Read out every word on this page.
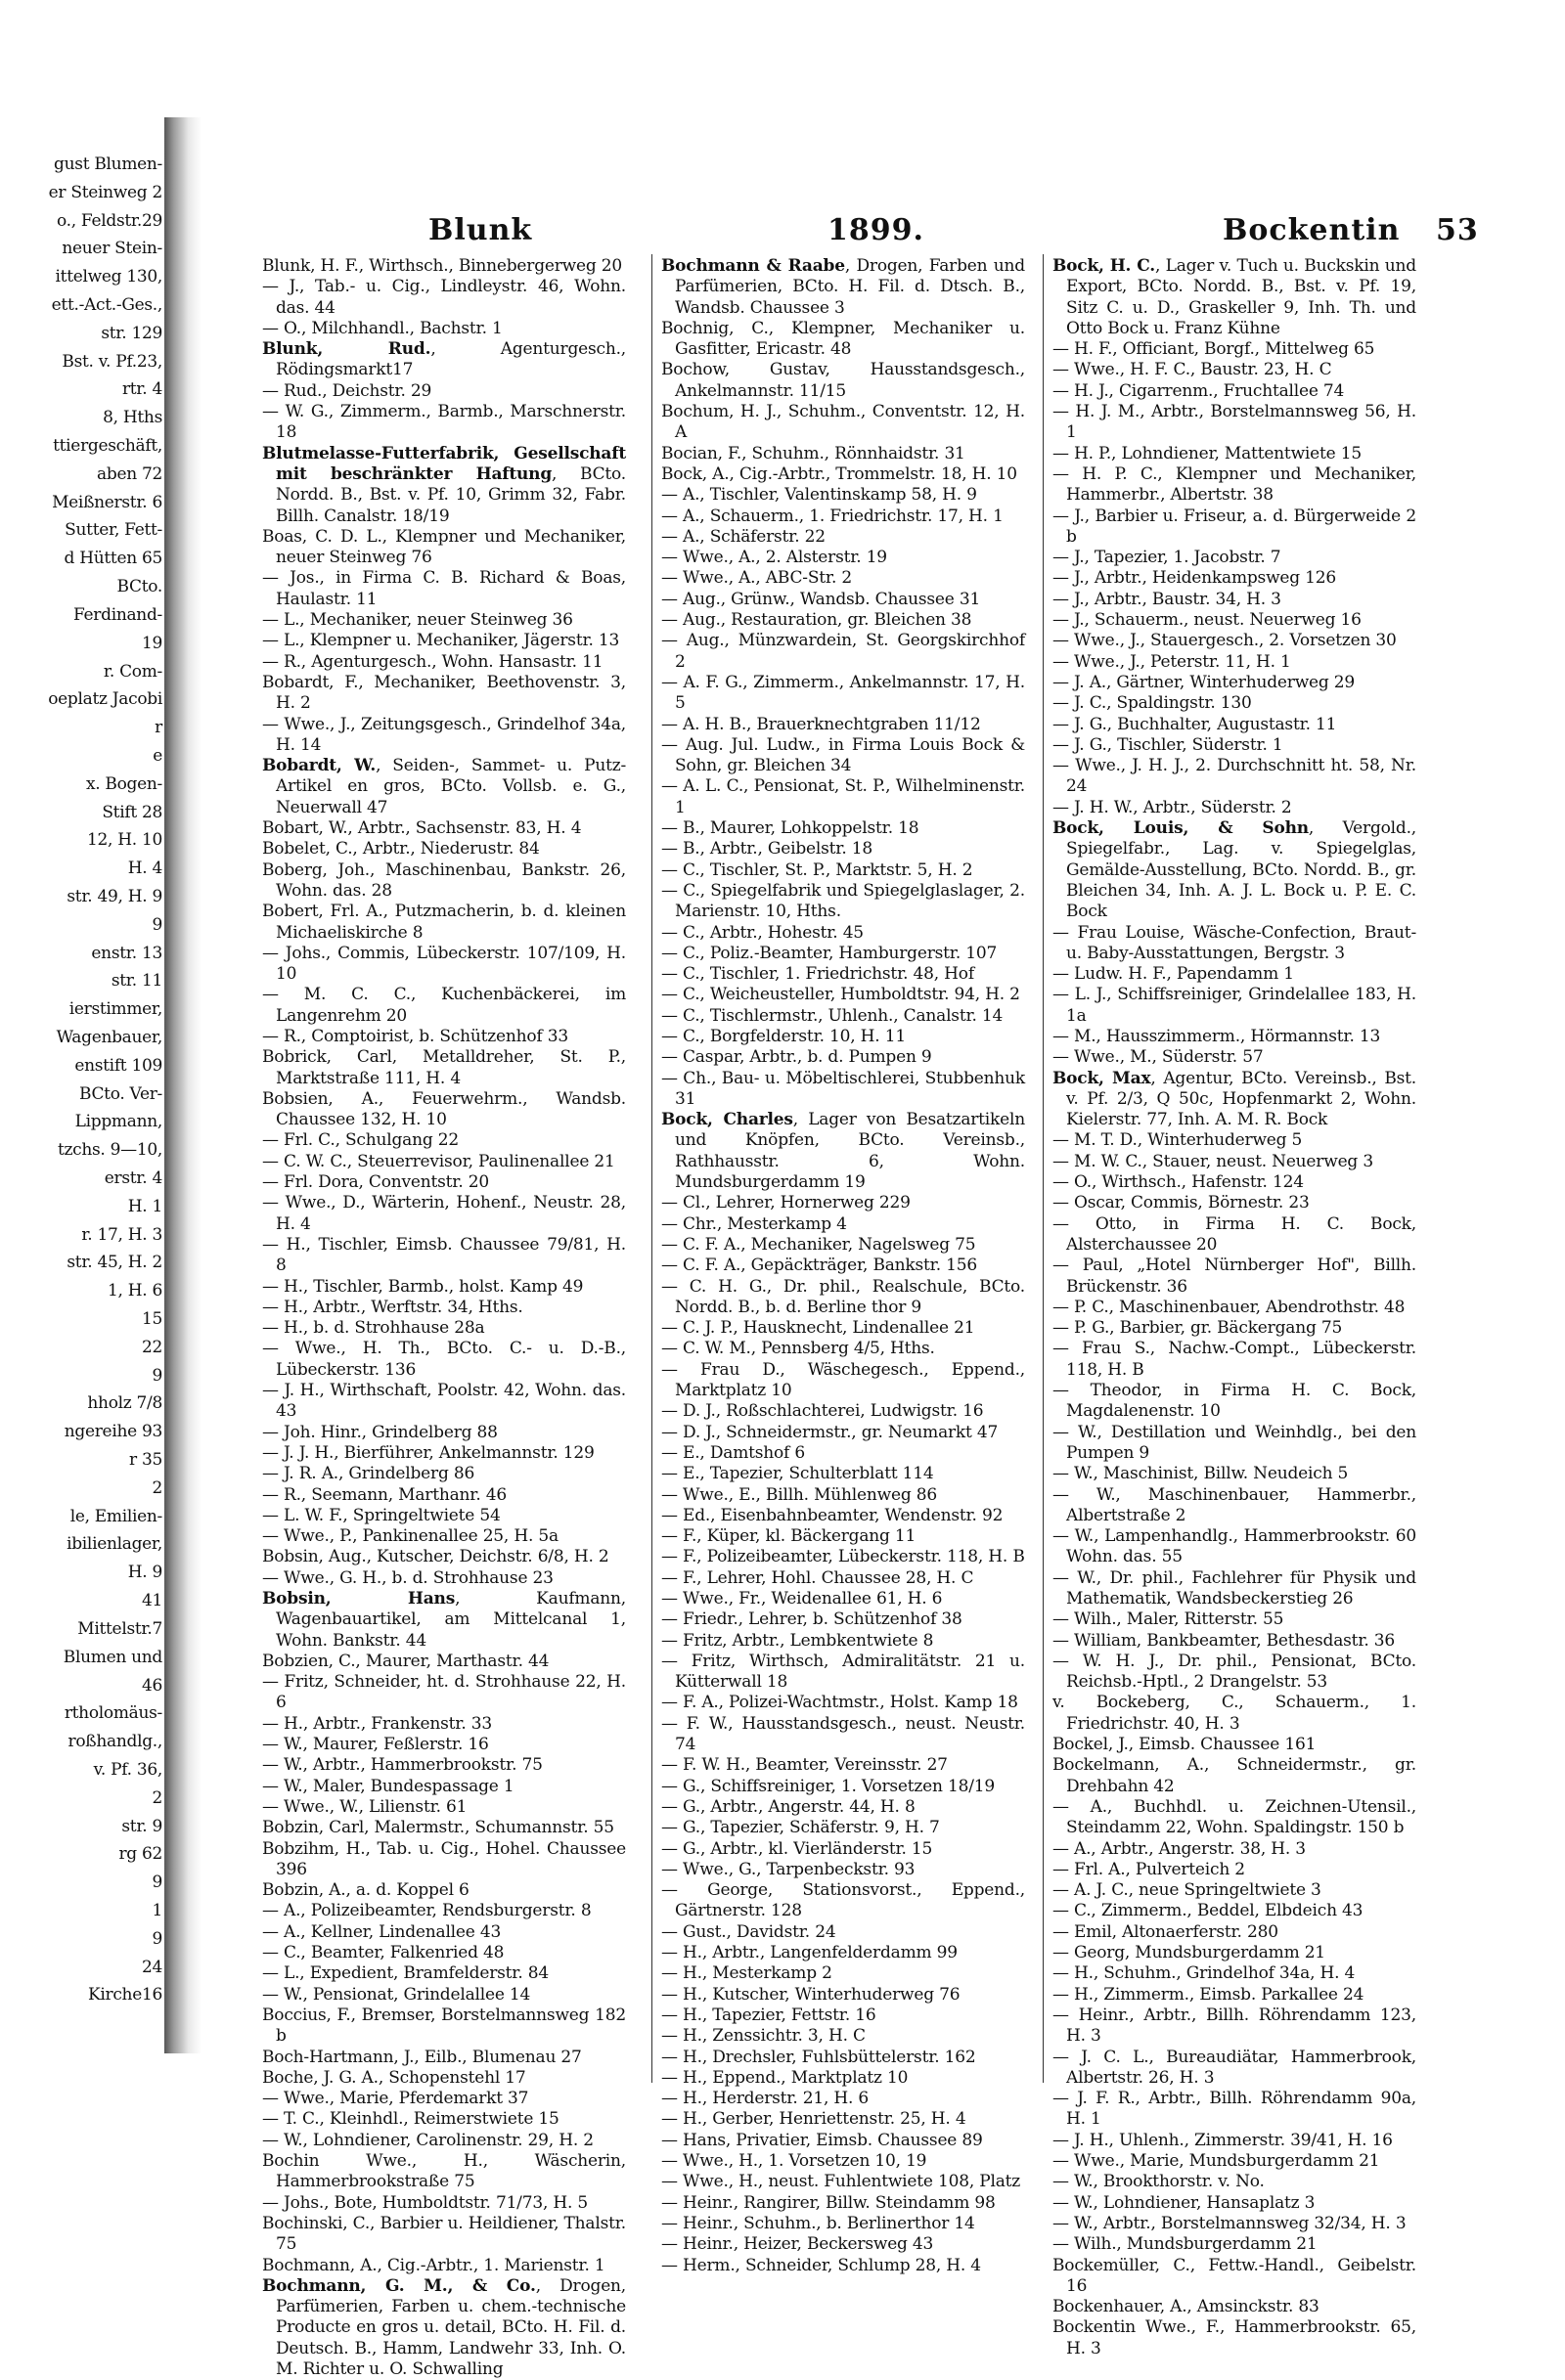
gust Blumen-
er Steinweg 2
o., Feldstr.29
neuer Stein-
ittelweg 130,
ett.-Act.-Ges.,
str. 129
Bst. v. Pf.23,
rtr. 4
8, Hths
ttiergeschäft,
aben 72
Meißnerstr. 6
Sutter, Fett-
d Hütten 65
BCto.
Ferdinand-
19
r. Com-
oeplatz Jacobi
r
e
x. Bogen-
Stift 28
12, H. 10
H. 4
str. 49, H. 9
9
enstr. 13
str. 11
ierstimmer,
Wagenbauer,
enstift 109
BCto. Ver-
Lippmann,
tzchs. 9—10,
erstr. 4
H. 1
r. 17, H. 3
str. 45, H. 2
1, H. 6
15
22
9
hholz 7/8
ngereihe 93
r 35
2
le, Emilien-
ibilienlager,
H. 9
41
Mittelstr.7
Blumen und
46
rtholomäus-
roßhandlg.,
v. Pf. 36,
2
str. 9
rg 62
9
1
9
24
Kirche16
Blunk	1899.	Bockentin 53

Blunk, H. F., Wirthsch., Binnebergerweg 20

— J., Tab.- u. Cig., Lindleystr. 46, Wohn. das. 44

— O., Milchhandl., Bachstr. 1

Blunk, Rud., Agenturgesch., Rödingsmarkt17

— Rud., Deichstr. 29

— W. G., Zimmerm., Barmb., Marschnerstr. 18

Blutmelasse-Futterfabrik, Gesellschaft mit beschränkter Haftung, BCto. Nordd. B., Bst. v. Pf. 10, Grimm 32, Fabr. Billh. Canalstr. 18/19

Boas, C. D. L., Klempner und Mechaniker, neuer Steinweg 76

— Jos., in Firma C. B. Richard & Boas, Haulastr. 11

— L., Mechaniker, neuer Steinweg 36

— L., Klempner u. Mechaniker, Jägerstr. 13

— R., Agenturgesch., Wohn. Hansastr. 11

Bobardt, F., Mechaniker, Beethovenstr. 3, H. 2

— Wwe., J., Zeitungsgesch., Grindelhof 34a, H. 14

Bobardt, W., Seiden-, Sammet- u. Putz-Artikel en gros, BCto. Vollsb. e. G., Neuerwall 47

Bobart, W., Arbtr., Sachsenstr. 83, H. 4

Bobelet, C., Arbtr., Niederustr. 84

Boberg, Joh., Maschinenbau, Bankstr. 26, Wohn. das. 28

Bobert, Frl. A., Putzmacherin, b. d. kleinen Michaeliskirche 8

— Johs., Commis, Lübeckerstr. 107/109, H. 10

— M. C. C., Kuchenbäckerei, im Langenrehm 20

— R., Comptoirist, b. Schützenhof 33

Bobrick, Carl, Metalldreher, St. P., Marktstraße 111, H. 4

Bobsien, A., Feuerwehrm., Wandsb. Chaussee 132, H. 10

— Frl. C., Schulgang 22

— C. W. C., Steuerrevisor, Paulinenallee 21

— Frl. Dora, Conventstr. 20

— Wwe., D., Wärterin, Hohenf., Neustr. 28, H. 4

— H., Tischler, Eimsb. Chaussee 79/81, H. 8

— H., Tischler, Barmb., holst. Kamp 49

— H., Arbtr., Werftstr. 34, Hths.

— H., b. d. Strohhause 28a

— Wwe., H. Th., BCto. C.- u. D.-B., Lübeckerstr. 136

— J. H., Wirthschaft, Poolstr. 42, Wohn. das. 43

— Joh. Hinr., Grindelberg 88

— J. J. H., Bierführer, Ankelmannstr. 129

— J. R. A., Grindelberg 86

— R., Seemann, Marthanr. 46

— L. W. F., Springeltwiete 54

— Wwe., P., Pankinenallee 25, H. 5a

Bobsin, Aug., Kutscher, Deichstr. 6/8, H. 2

— Wwe., G. H., b. d. Strohhause 23

Bobsin, Hans, Kaufmann, Wagenbauartikel, am Mittelcanal 1, Wohn. Bankstr. 44

Bobzien, C., Maurer, Marthastr. 44

— Fritz, Schneider, ht. d. Strohhause 22, H. 6

— H., Arbtr., Frankenstr. 33

— W., Maurer, Feßlerstr. 16

— W., Arbtr., Hammerbrookstr. 75

— W., Maler, Bundespassage 1

— Wwe., W., Lilienstr. 61

Bobzin, Carl, Malermstr., Schumannstr. 55

Bobzihm, H., Tab. u. Cig., Hohel. Chaussee 396

Bobzin, A., a. d. Koppel 6

— A., Polizeibeamter, Rendsburgerstr. 8

— A., Kellner, Lindenallee 43

— C., Beamter, Falkenried 48

— L., Expedient, Bramfelderstr. 84

— W., Pensionat, Grindelallee 14

Boccius, F., Bremser, Borstelmannsweg 182 b

Boch-Hartmann, J., Eilb., Blumenau 27

Boche, J. G. A., Schopenstehl 17

— Wwe., Marie, Pferdemarkt 37

— T. C., Kleinhdl., Reimerstwiete 15

— W., Lohndiener, Carolinenstr. 29, H. 2

Bochin Wwe., H., Wäscherin, Hammerbrookstraße 75

— Johs., Bote, Humboldtstr. 71/73, H. 5

Bochinski, C., Barbier u. Heildiener, Thalstr. 75

Bochmann, A., Cig.-Arbtr., 1. Marienstr. 1

Bochmann, G. M., & Co., Drogen, Parfümerien, Farben u. chem.-technische Producte en gros u. detail, BCto. H. Fil. d. Deutsch. B., Hamm, Landwehr 33, Inh. O. M. Richter u. O. Schwalling

Bochmann & Raabe, Drogen, Farben und Parfümerien, BCto. H. Fil. d. Dtsch. B., Wandsb. Chaussee 3

Bochnig, C., Klempner, Mechaniker u. Gasfitter, Ericastr. 48

Bochow, Gustav, Hausstandsgesch., Ankelmannstr. 11/15

Bochum, H. J., Schuhm., Conventstr. 12, H. A

Bocian, F., Schuhm., Rönnhaidstr. 31

Bock, A., Cig.-Arbtr., Trommelstr. 18, H. 10

— A., Tischler, Valentinskamp 58, H. 9

— A., Schauerm., 1. Friedrichstr. 17, H. 1

— A., Schäferstr. 22

— Wwe., A., 2. Alsterstr. 19

— Wwe., A., ABC-Str. 2

— Aug., Grünw., Wandsb. Chaussee 31

— Aug., Restauration, gr. Bleichen 38

— Aug., Münzwardein, St. Georgskirchhof 2

— A. F. G., Zimmerm., Ankelmannstr. 17, H. 5

— A. H. B., Brauerknechtgraben 11/12

— Aug. Jul. Ludw., in Firma Louis Bock & Sohn, gr. Bleichen 34

— A. L. C., Pensionat, St. P., Wilhelminenstr. 1

— B., Maurer, Lohkoppelstr. 18

— B., Arbtr., Geibelstr. 18

— C., Tischler, St. P., Marktstr. 5, H. 2

— C., Spiegelfabrik und Spiegelglaslager, 2. Marienstr. 10, Hths.

— C., Arbtr., Hohestr. 45

— C., Poliz.-Beamter, Hamburgerstr. 107

— C., Tischler, 1. Friedrichstr. 48, Hof

— C., Weicheusteller, Humboldtstr. 94, H. 2

— C., Tischlermstr., Uhlenh., Canalstr. 14

— C., Borgfelderstr. 10, H. 11

— Caspar, Arbtr., b. d. Pumpen 9

— Ch., Bau- u. Möbeltischlerei, Stubbenhuk 31

Bock, Charles, Lager von Besatzartikeln und Knöpfen, BCto. Vereinsb., Rathhausstr. 6, Wohn. Mundsburgerdamm 19

— Cl., Lehrer, Hornerweg 229

— Chr., Mesterkamp 4

— C. F. A., Mechaniker, Nagelsweg 75

— C. F. A., Gepäckträger, Bankstr. 156

— C. H. G., Dr. phil., Realschule, BCto. Nordd. B., b. d. Berline thor 9

— C. J. P., Hausknecht, Lindenallee 21

— C. W. M., Pennsberg 4/5, Hths.

— Frau D., Wäschegesch., Eppend., Marktplatz 10

— D. J., Roßschlachterei, Ludwigstr. 16

— D. J., Schneidermstr., gr. Neumarkt 47

— E., Damtshof 6

— E., Tapezier, Schulterblatt 114

— Wwe., E., Billh. Mühlenweg 86

— Ed., Eisenbahnbeamter, Wendenstr. 92

— F., Küper, kl. Bäckergang 11

— F., Polizeibeamter, Lübeckerstr. 118, H. B

— F., Lehrer, Hohl. Chaussee 28, H. C

— Wwe., Fr., Weidenallee 61, H. 6

— Friedr., Lehrer, b. Schützenhof 38

— Fritz, Arbtr., Lembkentwiete 8

— Fritz, Wirthsch, Admiralitätstr. 21 u. Kütterwall 18

— F. A., Polizei-Wachtmstr., Holst. Kamp 18

— F. W., Hausstandsgesch., neust. Neustr. 74

— F. W. H., Beamter, Vereinsstr. 27

— G., Schiffsreiniger, 1. Vorsetzen 18/19

— G., Arbtr., Angerstr. 44, H. 8

— G., Tapezier, Schäferstr. 9, H. 7

— G., Arbtr., kl. Vierländerstr. 15

— Wwe., G., Tarpenbeckstr. 93

— George, Stationsvorst., Eppend., Gärtnerstr. 128

— Gust., Davidstr. 24

— H., Arbtr., Langenfelderdamm 99

— H., Mesterkamp 2

— H., Kutscher, Winterhuderweg 76

— H., Tapezier, Fettstr. 16

— H., Zenssichtr. 3, H. C

— H., Drechsler, Fuhlsbüttelerstr. 162

— H., Eppend., Marktplatz 10

— H., Herderstr. 21, H. 6

— H., Gerber, Henriettenstr. 25, H. 4

— Hans, Privatier, Eimsb. Chaussee 89

— Wwe., H., 1. Vorsetzen 10, 19

— Wwe., H., neust. Fuhlentwiete 108, Platz

— Heinr., Rangirer, Billw. Steindamm 98

— Heinr., Schuhm., b. Berlinerthor 14

— Heinr., Heizer, Beckersweg 43

— Herm., Schneider, Schlump 28, H. 4

Bock, H. C., Lager v. Tuch u. Buckskin und Export, BCto. Nordd. B., Bst. v. Pf. 19, Sitz C. u. D., Graskeller 9, Inh. Th. und Otto Bock u. Franz Kühne

— H. F., Officiant, Borgf., Mittelweg 65

— Wwe., H. F. C., Baustr. 23, H. C

— H. J., Cigarrenm., Fruchtallee 74

— H. J. M., Arbtr., Borstelmannsweg 56, H. 1

— H. P., Lohndiener, Mattentwiete 15

— H. P. C., Klempner und Mechaniker, Hammerbr., Albertstr. 38

— J., Barbier u. Friseur, a. d. Bürgerweide 2 b

— J., Tapezier, 1. Jacobstr. 7

— J., Arbtr., Heidenkampsweg 126

— J., Arbtr., Baustr. 34, H. 3

— J., Schauerm., neust. Neuerweg 16

— Wwe., J., Stauergesch., 2. Vorsetzen 30

— Wwe., J., Peterstr. 11, H. 1

— J. A., Gärtner, Winterhuderweg 29

— J. C., Spaldingstr. 130

— J. G., Buchhalter, Augustastr. 11

— J. G., Tischler, Süderstr. 1

— Wwe., J. H. J., 2. Durchschnitt ht. 58, Nr. 24

— J. H. W., Arbtr., Süderstr. 2

Bock, Louis, & Sohn, Vergold., Spiegelfabr., Lag. v. Spiegelglas, Gemälde-Ausstellung, BCto. Nordd. B., gr. Bleichen 34, Inh. A. J. L. Bock u. P. E. C. Bock

— Frau Louise, Wäsche-Confection, Braut- u. Baby-Ausstattungen, Bergstr. 3

— Ludw. H. F., Papendamm 1

— L. J., Schiffsreiniger, Grindelallee 183, H. 1a

— M., Hausszimmerm., Hörmannstr. 13

— Wwe., M., Süderstr. 57

Bock, Max, Agentur, BCto. Vereinsb., Bst. v. Pf. 2/3, Q 50c, Hopfenmarkt 2, Wohn. Kielerstr. 77, Inh. A. M. R. Bock

— M. T. D., Winterhuderweg 5

— M. W. C., Stauer, neust. Neuerweg 3

— O., Wirthsch., Hafenstr. 124

— Oscar, Commis, Börnestr. 23

— Otto, in Firma H. C. Bock, Alsterchaussee 20

— Paul, „Hotel Nürnberger Hof", Billh. Brückenstr. 36

— P. C., Maschinenbauer, Abendrothstr. 48

— P. G., Barbier, gr. Bäckergang 75

— Frau S., Nachw.-Compt., Lübeckerstr. 118, H. B

— Theodor, in Firma H. C. Bock, Magdalenenstr. 10

— W., Destillation und Weinhdlg., bei den Pumpen 9

— W., Maschinist, Billw. Neudeich 5

— W., Maschinenbauer, Hammerbr., Albertstraße 2

— W., Lampenhandlg., Hammerbrookstr. 60 Wohn. das. 55

— W., Dr. phil., Fachlehrer für Physik und Mathematik, Wandsbeckerstieg 26

— Wilh., Maler, Ritterstr. 55

— William, Bankbeamter, Bethesdastr. 36

— W. H. J., Dr. phil., Pensionat, BCto. Reichsb.-Hptl., 2 Drangelstr. 53

v. Bockeberg, C., Schauerm., 1. Friedrichstr. 40, H. 3

Bockel, J., Eimsb. Chaussee 161

Bockelmann, A., Schneidermstr., gr. Drehbahn 42

— A., Buchhdl. u. Zeichnen-Utensil., Steindamm 22, Wohn. Spaldingstr. 150 b

— A., Arbtr., Angerstr. 38, H. 3

— Frl. A., Pulverteich 2

— A. J. C., neue Springeltwiete 3

— C., Zimmerm., Beddel, Elbdeich 43

— Emil, Altonaerferstr. 280

— Georg, Mundsburgerdamm 21

— H., Schuhm., Grindelhof 34a, H. 4

— H., Zimmerm., Eimsb. Parkallee 24

— Heinr., Arbtr., Billh. Röhrendamm 123, H. 3

— J. C. L., Bureaudiätar, Hammerbrook, Albertstr. 26, H. 3

— J. F. R., Arbtr., Billh. Röhrendamm 90a, H. 1

— J. H., Uhlenh., Zimmerstr. 39/41, H. 16

— Wwe., Marie, Mundsburgerdamm 21

— W., Brookthorstr. v. No.

— W., Lohndiener, Hansaplatz 3

— W., Arbtr., Borstelmannsweg 32/34, H. 3

— Wilh., Mundsburgerdamm 21

Bockemüller, C., Fettw.-Handl., Geibelstr. 16

Bockenhauer, A., Amsinckstr. 83

Bockentin Wwe., F., Hammerbrookstr. 65, H. 3
